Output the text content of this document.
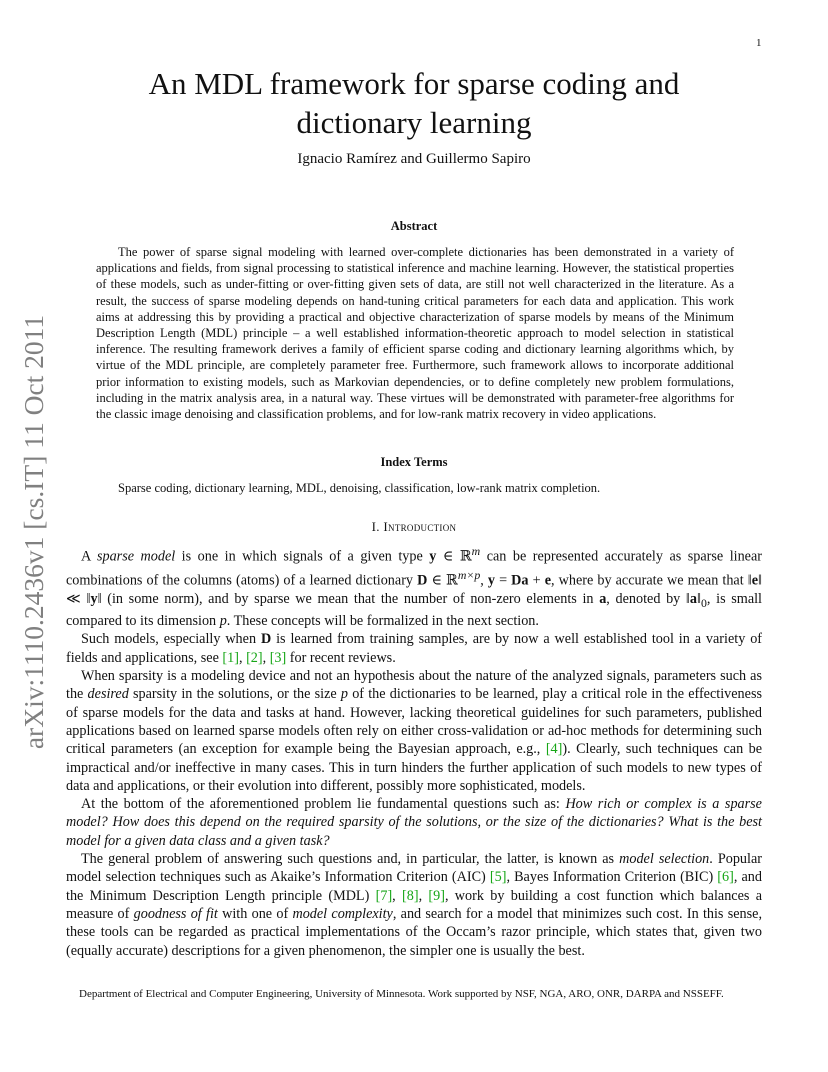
1
arXiv:1110.2436v1 [cs.IT] 11 Oct 2011
An MDL framework for sparse coding and
dictionary learning
Ignacio Ramírez and Guillermo Sapiro
Abstract
The power of sparse signal modeling with learned over-complete dictionaries has been demonstrated in a variety of applications and fields, from signal processing to statistical inference and machine learning. However, the statistical properties of these models, such as under-fitting or over-fitting given sets of data, are still not well characterized in the literature. As a result, the success of sparse modeling depends on hand-tuning critical parameters for each data and application. This work aims at addressing this by providing a practical and objective characterization of sparse models by means of the Minimum Description Length (MDL) principle – a well established information-theoretic approach to model selection in statistical inference. The resulting framework derives a family of efficient sparse coding and dictionary learning algorithms which, by virtue of the MDL principle, are completely parameter free. Furthermore, such framework allows to incorporate additional prior information to existing models, such as Markovian dependencies, or to define completely new problem formulations, including in the matrix analysis area, in a natural way. These virtues will be demonstrated with parameter-free algorithms for the classic image denoising and classification problems, and for low-rank matrix recovery in video applications.
Index Terms
Sparse coding, dictionary learning, MDL, denoising, classification, low-rank matrix completion.
I. Introduction

A sparse model is one in which signals of a given type y ∈ ℝ$^m$ can be represented accurately as sparse linear combinations of the columns (atoms) of a learned dictionary D ∈ ℝ$^{m\times p}$, y = Da + e, where by accurate we mean that ‖e‖ ≪ ‖y‖ (in some norm), and by sparse we mean that the number of non-zero elements in a, denoted by $‖a‖_0$, is small compared to its dimension p. These concepts will be formalized in the next section.

Such models, especially when D is learned from training samples, are by now a well established tool in a variety of fields and applications, see [1], [2], [3] for recent reviews.

When sparsity is a modeling device and not an hypothesis about the nature of the analyzed signals, parameters such as the desired sparsity in the solutions, or the size p of the dictionaries to be learned, play a critical role in the effectiveness of sparse models for the data and tasks at hand. However, lacking theoretical guidelines for such parameters, published applications based on learned sparse models often rely on either cross-validation or ad-hoc methods for determining such critical parameters (an exception for example being the Bayesian approach, e.g., [4]). Clearly, such techniques can be impractical and/or ineffective in many cases. This in turn hinders the further application of such models to new types of data and applications, or their evolution into different, possibly more sophisticated, models.

At the bottom of the aforementioned problem lie fundamental questions such as: How rich or complex is a sparse model? How does this depend on the required sparsity of the solutions, or the size of the dictionaries? What is the best model for a given data class and a given task?

The general problem of answering such questions and, in particular, the latter, is known as model selection. Popular model selection techniques such as Akaike’s Information Criterion (AIC) [5], Bayes Information Criterion (BIC) [6], and the Minimum Description Length principle (MDL) [7], [8], [9], work by building a cost function which balances a measure of goodness of fit with one of model complexity, and search for a model that minimizes such cost. In this sense, these tools can be regarded as practical implementations of the Occam’s razor principle, which states that, given two (equally accurate) descriptions for a given phenomenon, the simpler one is usually the best.

Department of Electrical and Computer Engineering, University of Minnesota. Work supported by NSF, NGA, ARO, ONR, DARPA and NSSEFF.
